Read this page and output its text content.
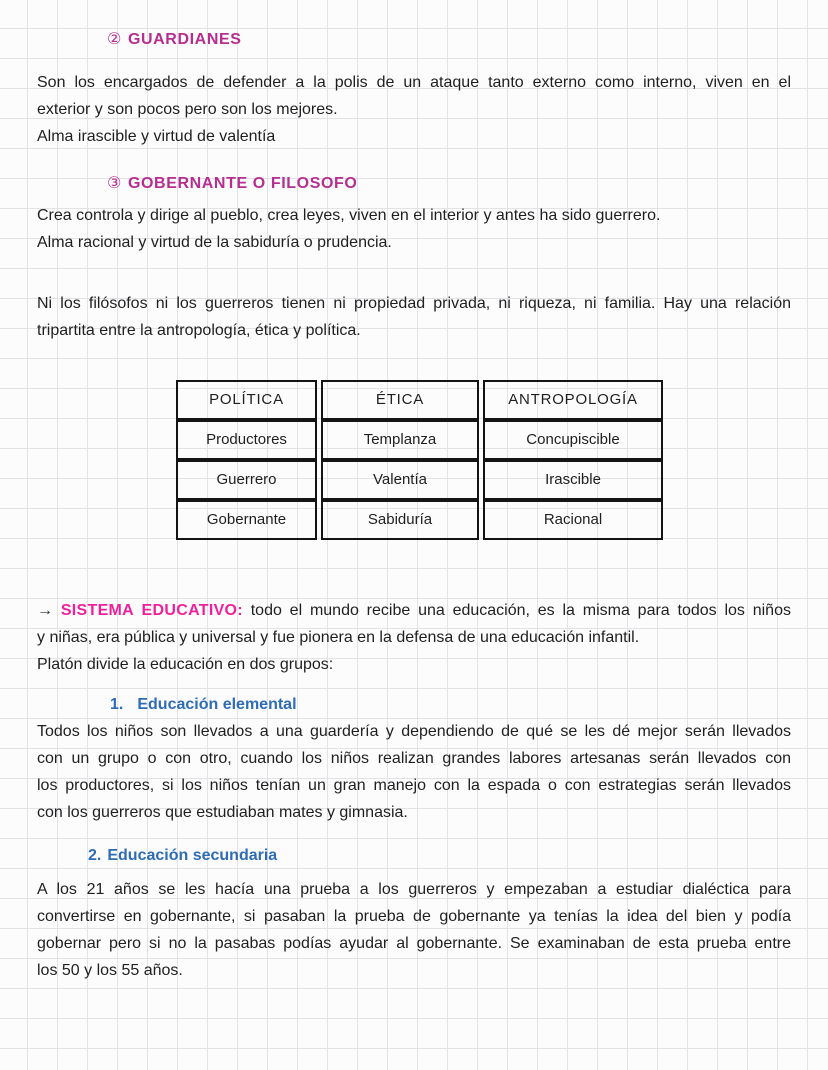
② GUARDIANES
Son los encargados de defender a la polis de un ataque tanto externo como interno, viven en el
exterior y son pocos pero son los mejores.
Alma irascible y virtud de valentía
③ GOBERNANTE O FILOSOFO
Crea controla y dirige al pueblo, crea leyes, viven en el interior y antes ha sido guerrero.
Alma racional y virtud de la sabiduría o prudencia.
Ni los filósofos ni los guerreros tienen ni propiedad privada, ni riqueza, ni familia. Hay una relación
tripartita entre la antropología, ética y política.
POLÍTICA	ÉTICA	ANTROPOLOGÍA
Productores	Templanza	Concupiscible
Guerrero	Valentía	Irascible
Gobernante	Sabiduría	Racional
→ SISTEMA EDUCATIVO: todo el mundo recibe una educación, es la misma para todos los niños
y niñas, era pública y universal y fue pionera en la defensa de una educación infantil.
Platón divide la educación en dos grupos:
1. Educación elemental
Todos los niños son llevados a una guardería y dependiendo de qué se les dé mejor serán llevados
con un grupo o con otro, cuando los niños realizan grandes labores artesanas serán llevados con
los productores, si los niños tenían un gran manejo con la espada o con estrategias serán llevados
con los guerreros que estudiaban mates y gimnasia.
2. Educación secundaria
A los 21 años se les hacía una prueba a los guerreros y empezaban a estudiar dialéctica para
convertirse en gobernante, si pasaban la prueba de gobernante ya tenías la idea del bien y podía
gobernar pero si no la pasabas podías ayudar al gobernante. Se examinaban de esta prueba entre
los 50 y los 55 años.
